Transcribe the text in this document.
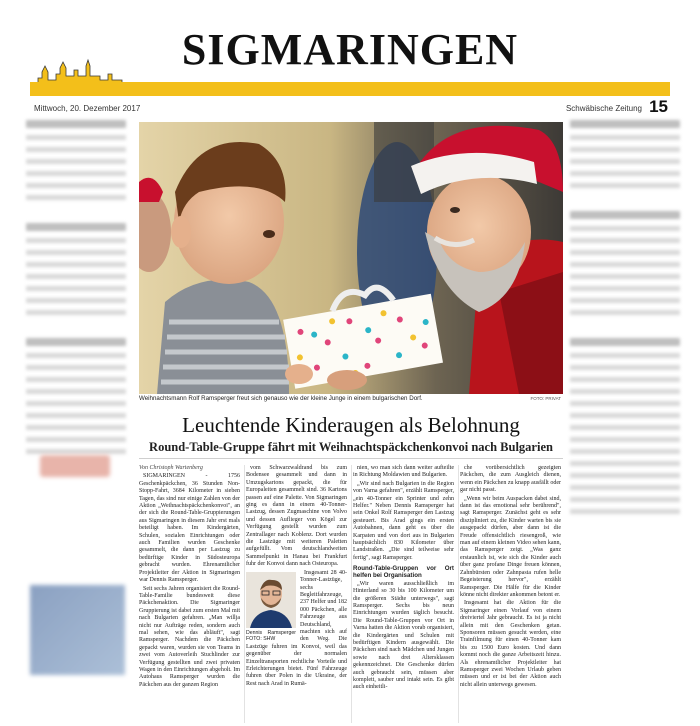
SIGMARINGEN
Mittwoch, 20. Dezember 2017	Schwäbische Zeitung 15
Weihnachtsmann Rolf Ramsperger freut sich genauso wie der kleine Junge in einem bulgarischen Dorf.	FOTO: PRIVAT
Leuchtende Kinderaugen als Belohnung
Round-Table-Gruppe fährt mit Weihnachtspäckchenkonvoi nach Bulgarien

Von Christoph Wartenberg

SIGMARINGEN - 1756 Geschenkpäckchen, 36 Stunden Non-Stopp-Fahrt, 3684 Kilometer in sieben Tagen, das sind nur einige Zahlen von der Aktion „Weihnachtspäckchenkonvoi", an der sich die Round-Table-Gruppierungen aus Sigmaringen in diesem Jahr erst mals beteiligt haben. Im Kindergärten, Schulen, sozialen Einrichtungen oder auch Familien wurden Geschenke gesammelt, die dann per Lastzug zu bedürftige Kinder in Südosteuropa gebracht wurden. Ehrenamtlicher Projektleiter der Aktion in Sigmaringen war Dennis Ramsperger.

Seit sechs Jahren organisiert die Round-Table-Familie bundesweit diese Päckchenaktion. Die Sigmaringer Gruppierung ist dabei zum ersten Mal mit nach Bulgarien gefahren. „Man willja nicht nur Aufträge reden, sondern auch mal sehen, wie das abläuft", sagt Ramsperger. Nachdem die Päckchen gepackt waren, wurden sie von Teams in zwei vom Autoverleih Stuchlinder zur Verfügung gestellten und zwei privaten Wagen in den Einrichtungen abgeholt. Im Autohaus Ramsperger wurden die Päckchen aus der ganzen Region

vom Schwarzwaldrand bis zum Bodensee gesammelt und dann in Umzugskartons gepackt, die für Europaleiten gesammelt sind. 36 Kartons passen auf eine Palette. Von Sigmaringen ging es dann in einem 40-Tonner-Lastzug, dessen Zugmaschine von Volvo und dessen Auflieger von Kögel zur Verfügung gestellt wurden zum Zentrallager nach Koblenz. Dort wurden die Lastzüge mit weiteren Paletten aufgefüllt. Vom deutschlandweiten Sammelpunkt in Hanau bei Frankfurt fuhr der Konvoi dann nach Osteuropa.

Dennis Ramsperger FOTO: SHW

Insgesamt 28 40-Tonner-Lastzüge, sechs Begleitfahrzeuge, 237 Helfer und 182 000 Päckchen, alle Fahrzeuge aus Deutschland, machten sich auf den Weg. Die Lastzüge fuhren im Konvoi, weil das gegenüber der normalen Einzeltransporten rechtliche Vorteile und Erleichterungen bietet. Fünf Fahrzeuge fuhren über Polen in die Ukraine, der Rest nach Arad in Rumä-

nien, wo man sich dann weiter aufteilte in Richtung Moldawien und Bulgarien.

„Wir sind nach Bulgarien in die Region von Varna gefahren", erzählt Ramsperger, „ein 40-Tonner ein Sprinter und zehn Helfer." Neben Dennis Ramsperger hat sein Onkel Rolf Ramsperger den Lastzug gesteuert. Bis Arad gings ein ersten Autobahnen, dann geht es über die Karpaten und von dort aus in Bulgarien hauptsächlich 830 Kilometer über Landstraßen. „Die sind teilweise sehr fertig", sagt Ramsperger.

Round-Table-Gruppen vor Ort helfen bei Organisation

„Wir waren ausschließlich im Hinterland so 30 bis 100 Kilometer um die größeren Städte unterwegs", sagt Ramsperger. Sechs bis neun Einrichtungen wurden täglich besucht. Die Round-Table-Gruppen vor Ort in Varna hatten die Aktion vorab organisiert, die Kindergärten und Schulen mit bedürftigen Kindern ausgewählt. Die Päckchen sind nach Mädchen und Jungen sowie nach drei Altersklassen gekennzeichnet. Die Geschenke dürfen auch gebraucht sein, müssen aber komplett, sauber und intakt sein. Es gibt auch einheitli-

che vorübersichtlich gezeigten Päckchen, die zum Ausgleich dienen, wenn ein Päckchen zu knapp ausfällt oder gar nicht passt.

„Wenn wir beim Auspacken dabei sind, dann ist das emotional sehr berührend", sagt Ramsperger. Zunächst geht es sehr diszipliniert zu, die Kinder warten bis sie ausgepackt dürfen, aber dann ist die Freude offensichtlich riesengroß, wie man auf einem kleinen Video sehen kann, das Ramsperger zeigt. „Was ganz erstaunlich ist, wie sich die Kinder auch über ganz profane Dinge freuen können, Zahnbürsten oder Zahnpasta rufen helle Begeisterung hervor", erzählt Ramsperger. Die Hälfe für die Kinder könne nicht direkter ankommen betont er.

Insgesamt hat die Aktion für die Sigmaringer einen Vorlauf von einem dreiviertel Jahr gebraucht. Es ist ja nicht allein mit den Geschenken getan. Sponsoren müssen gesucht werden, eine Trainfilmung für einen 40-Tonner kam bis zu 1500 Euro kosten. Und dann kommt noch die ganze Arbeitszeit hinzu. Als ehrenamtlicher Projektleiter hat Ramsperger zwei Wochen Urlaub geben müssen und er ist bei der Aktion auch nicht allein unterwegs gewesen.
